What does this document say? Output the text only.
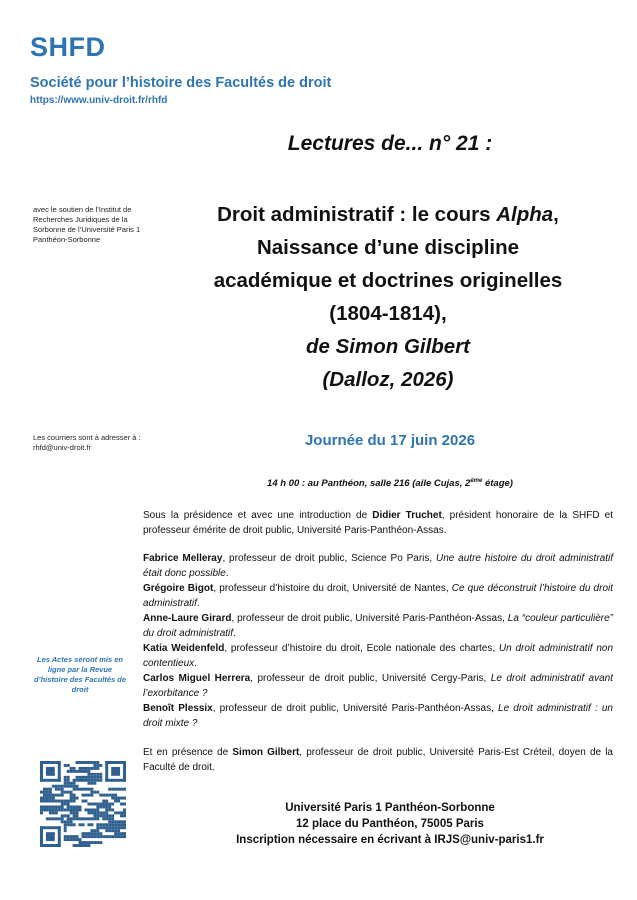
SHFD
Société pour l’histoire des Facultés de droit
https://www.univ-droit.fr/rhfd
Lectures de... n° 21 :
avec le soutien de l’Institut de Recherches Juridiques de la Sorbonne de l’Université Paris 1 Panthéon-Sorbonne
Droit administratif : le cours Alpha,
Naissance d’une discipline
académique et doctrines originelles
(1804-1814),
de Simon Gilbert
(Dalloz, 2026)
Les courriers sont à adresser à : rhfd@univ-droit.fr	Journée du 17 juin 2026
14 h 00 : au Panthéon, salle 216 (aile Cujas, 2ème étage)
Sous la présidence et avec une introduction de Didier Truchet, président honoraire de la SHFD et professeur émérite de droit public, Université Paris-Panthéon-Assas.

Fabrice Melleray, professeur de droit public, Science Po Paris, Une autre histoire du droit administratif était donc possible.

Grégoire Bigot, professeur d’histoire du droit, Université de Nantes, Ce que déconstruit l’histoire du droit administratif.

Anne-Laure Girard, professeur de droit public, Université Paris-Panthéon-Assas, La “couleur particulière” du droit administratif.

Katia Weidenfeld, professeur d’histoire du droit, Ecole nationale des chartes, Un droit administratif non contentieux.

Carlos Miguel Herrera, professeur de droit public, Université Cergy-Paris, Le droit administratif avant l’exorbitance ?

Benoît Plessix, professeur de droit public, Université Paris-Panthéon-Assas, Le droit administratif : un droit mixte ?

Les Actes seront mis en ligne par la Revue d’histoire des Facultés de droit
Et en présence de Simon Gilbert, professeur de droit public, Université Paris-Est Créteil, doyen de la Faculté de droit.
Université Paris 1 Panthéon-Sorbonne
12 place du Panthéon, 75005 Paris
Inscription nécessaire en écrivant à IRJS@univ-paris1.fr
